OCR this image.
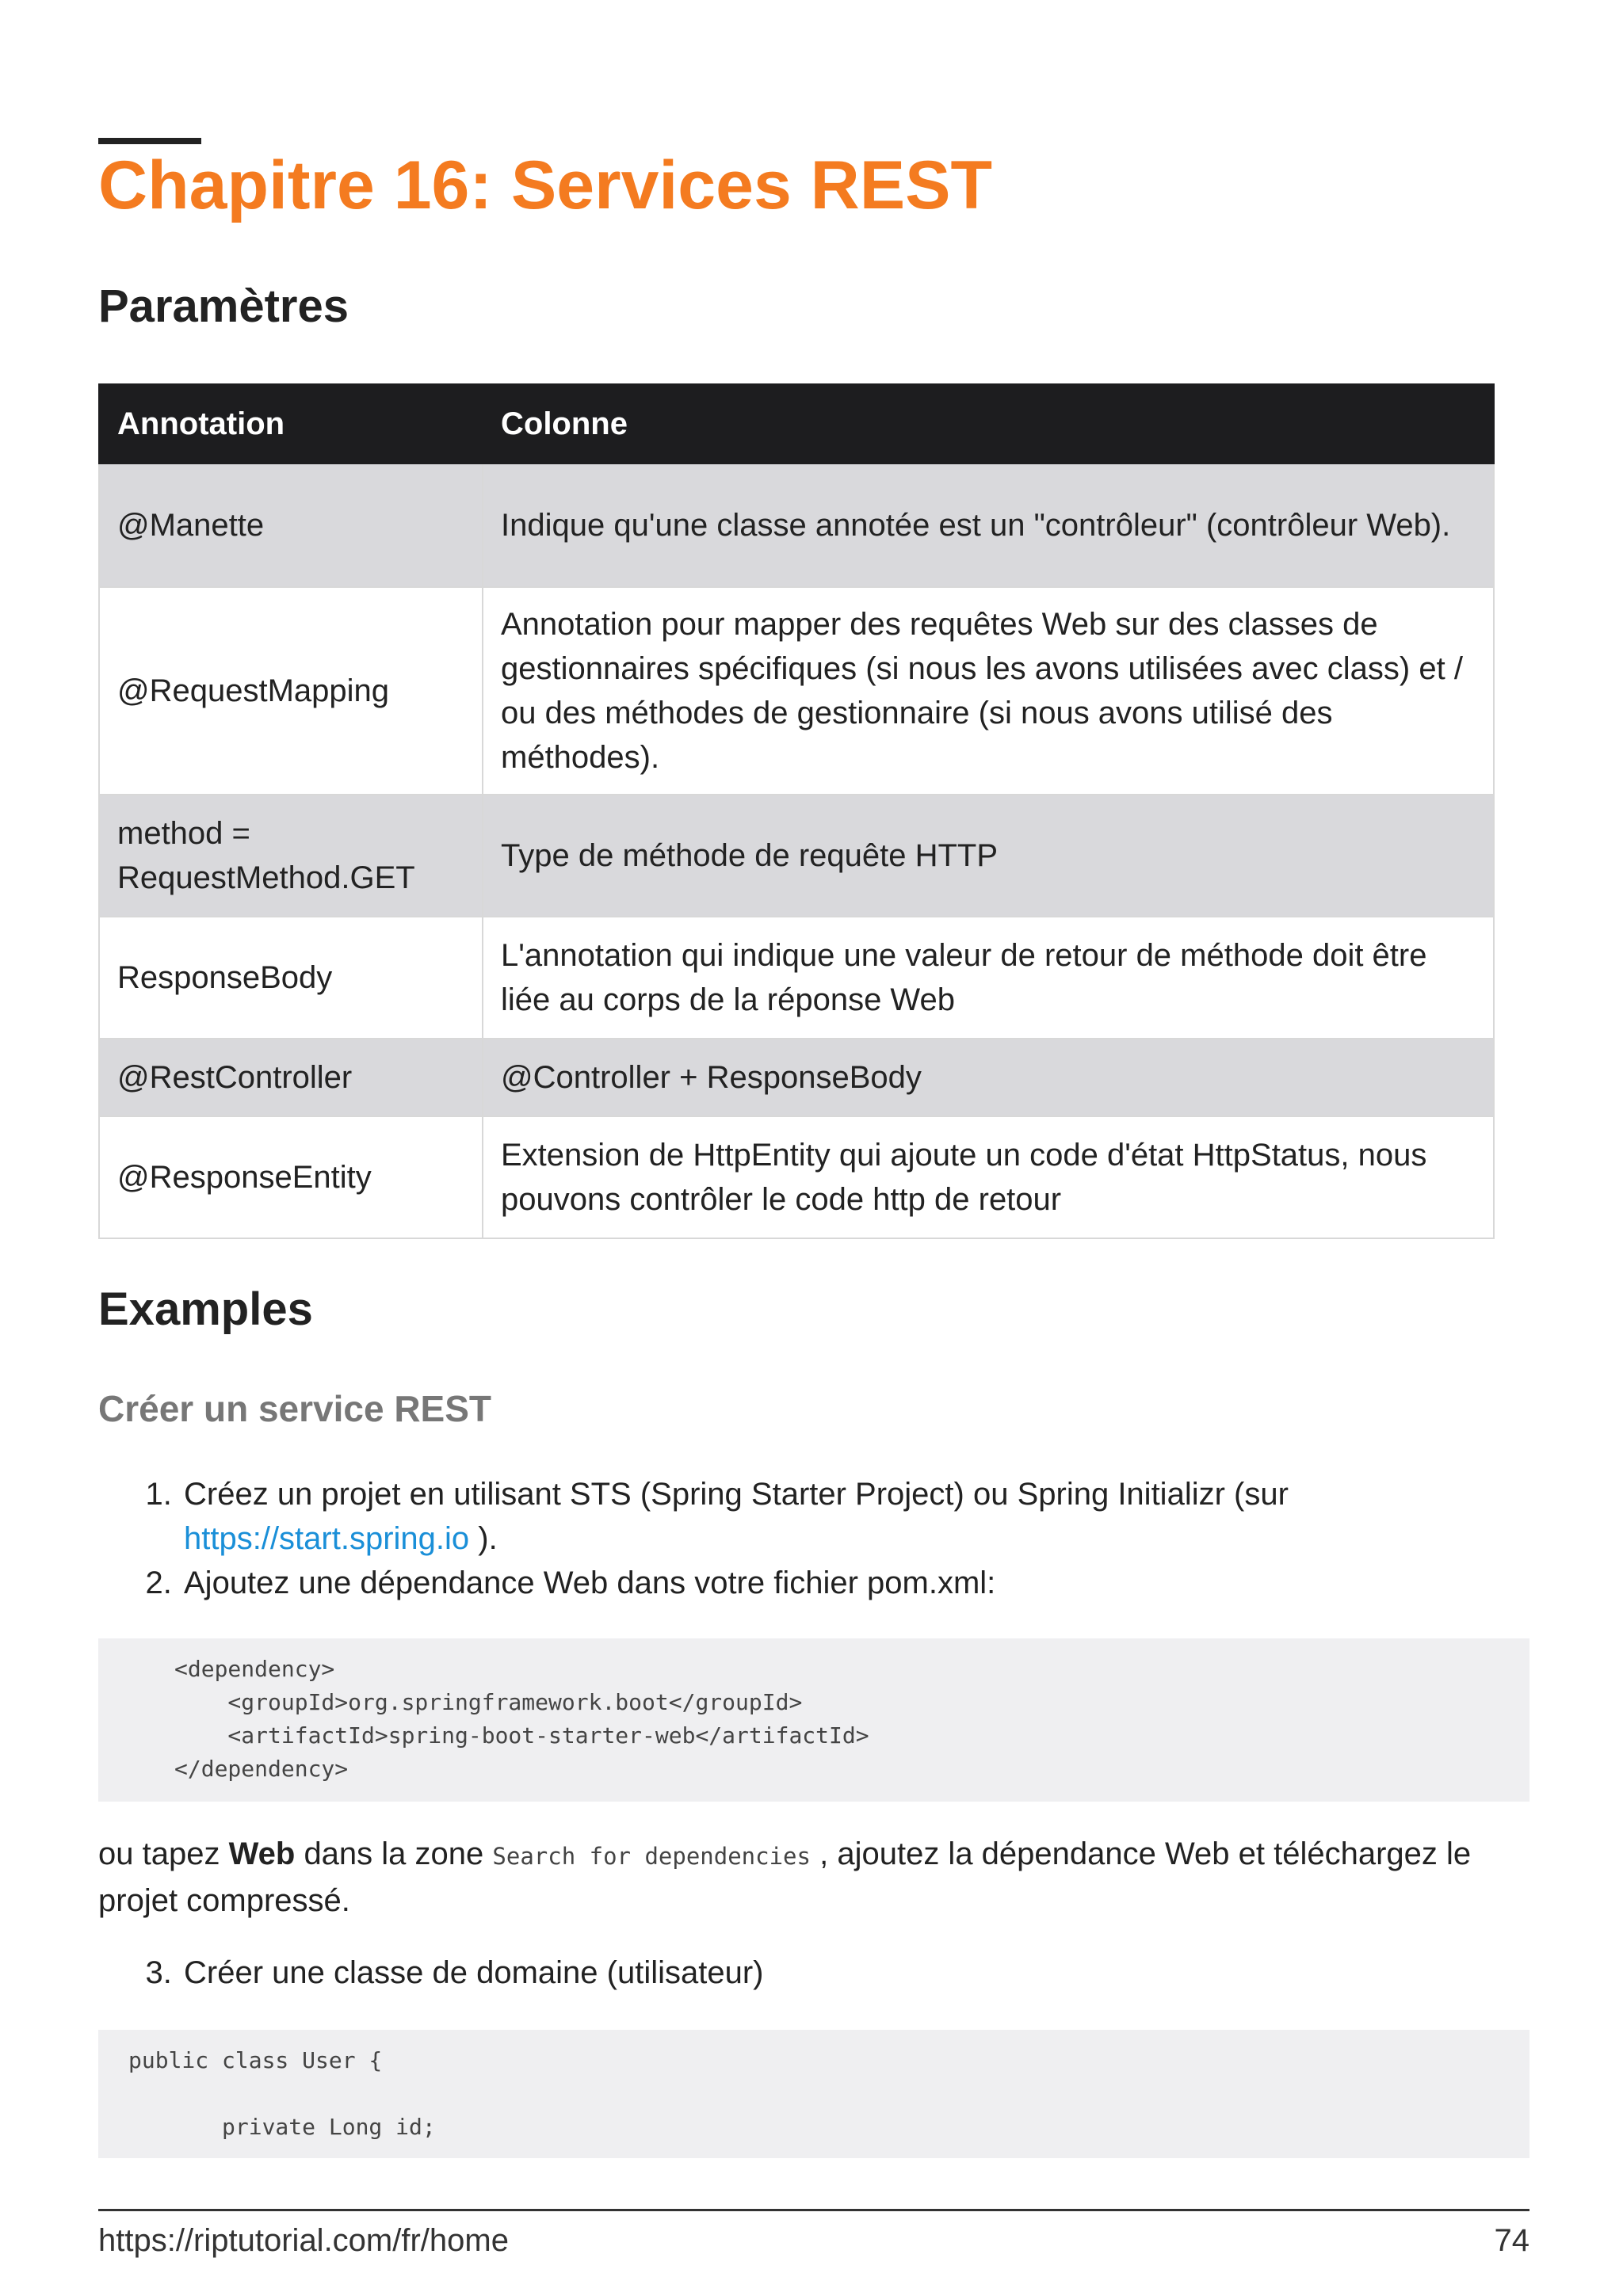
Chapitre 16: Services REST
Paramètres
Annotation	Colonne
@Manette	Indique qu'une classe annotée est un "contrôleur" (contrôleur Web).
@RequestMapping	Annotation pour mapper des requêtes Web sur des classes de gestionnaires spécifiques (si nous les avons utilisées avec class) et / ou des méthodes de gestionnaire (si nous avons utilisé des méthodes).
method = RequestMethod.GET	Type de méthode de requête HTTP
ResponseBody	L'annotation qui indique une valeur de retour de méthode doit être liée au corps de la réponse Web
@RestController	@Controller + ResponseBody
@ResponseEntity	Extension de HttpEntity qui ajoute un code d'état HttpStatus, nous pouvons contrôler le code http de retour
Examples
Créer un service REST
1. Créez un projet en utilisant STS (Spring Starter Project) ou Spring Initializr (sur
https://start.spring.io ).
2. Ajoutez une dépendance Web dans votre fichier pom.xml:
<dependency>
<groupId>org.springframework.boot</groupId>
<artifactId>spring-boot-starter-web</artifactId>
</dependency>

ou tapez Web dans la zone Search for dependencies , ajoutez la dépendance Web et téléchargez le projet compressé.

3. Créer une classe de domaine (utilisateur)
public class User {

private Long id;
https://riptutorial.com/fr/home	74
